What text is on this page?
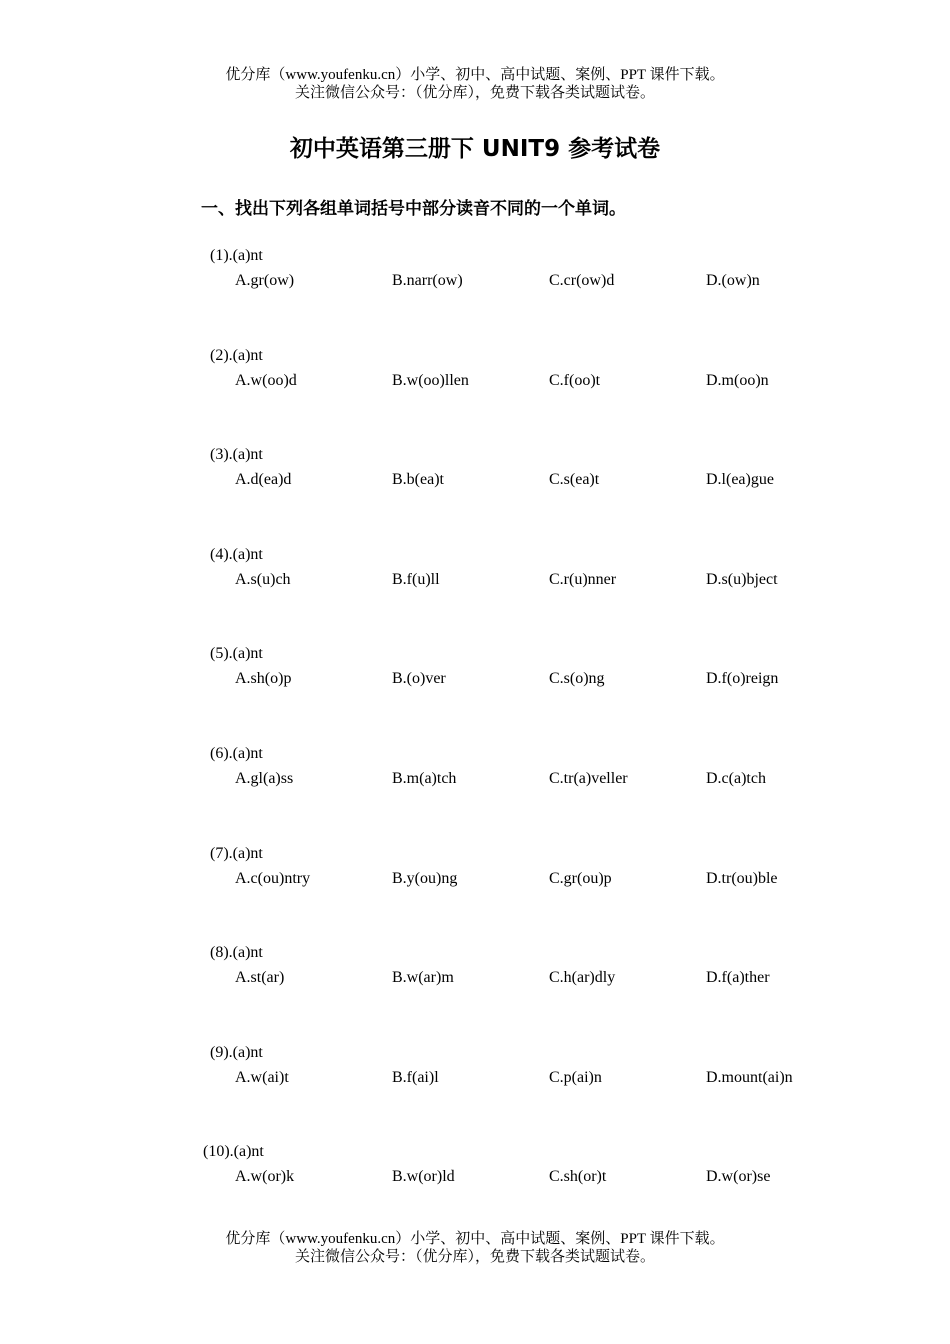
优分库（www.youfenku.cn）小学、初中、高中试题、案例、PPT 课件下载。
关注微信公众号：（优分库），免费下载各类试题试卷。
初中英语第三册下 UNIT9 参考试卷
一、找出下列各组单词括号中部分读音不同的一个单词。
(1).(a)nt
A.gr(ow)	B.narr(ow)	C.cr(ow)d	D.(ow)n
(2).(a)nt
A.w(oo)d	B.w(oo)llen	C.f(oo)t	D.m(oo)n
(3).(a)nt
A.d(ea)d	B.b(ea)t	C.s(ea)t	D.l(ea)gue
(4).(a)nt
A.s(u)ch	B.f(u)ll	C.r(u)nner	D.s(u)bject
(5).(a)nt
A.sh(o)p	B.(o)ver	C.s(o)ng	D.f(o)reign
(6).(a)nt
A.gl(a)ss	B.m(a)tch	C.tr(a)veller	D.c(a)tch
(7).(a)nt
A.c(ou)ntry	B.y(ou)ng	C.gr(ou)p	D.tr(ou)ble
(8).(a)nt
A.st(ar)	B.w(ar)m	C.h(ar)dly	D.f(a)ther
(9).(a)nt
A.w(ai)t	B.f(ai)l	C.p(ai)n	D.mount(ai)n
(10).(a)nt
A.w(or)k	B.w(or)ld	C.sh(or)t	D.w(or)se
优分库（www.youfenku.cn）小学、初中、高中试题、案例、PPT 课件下载。
关注微信公众号：（优分库），免费下载各类试题试卷。
